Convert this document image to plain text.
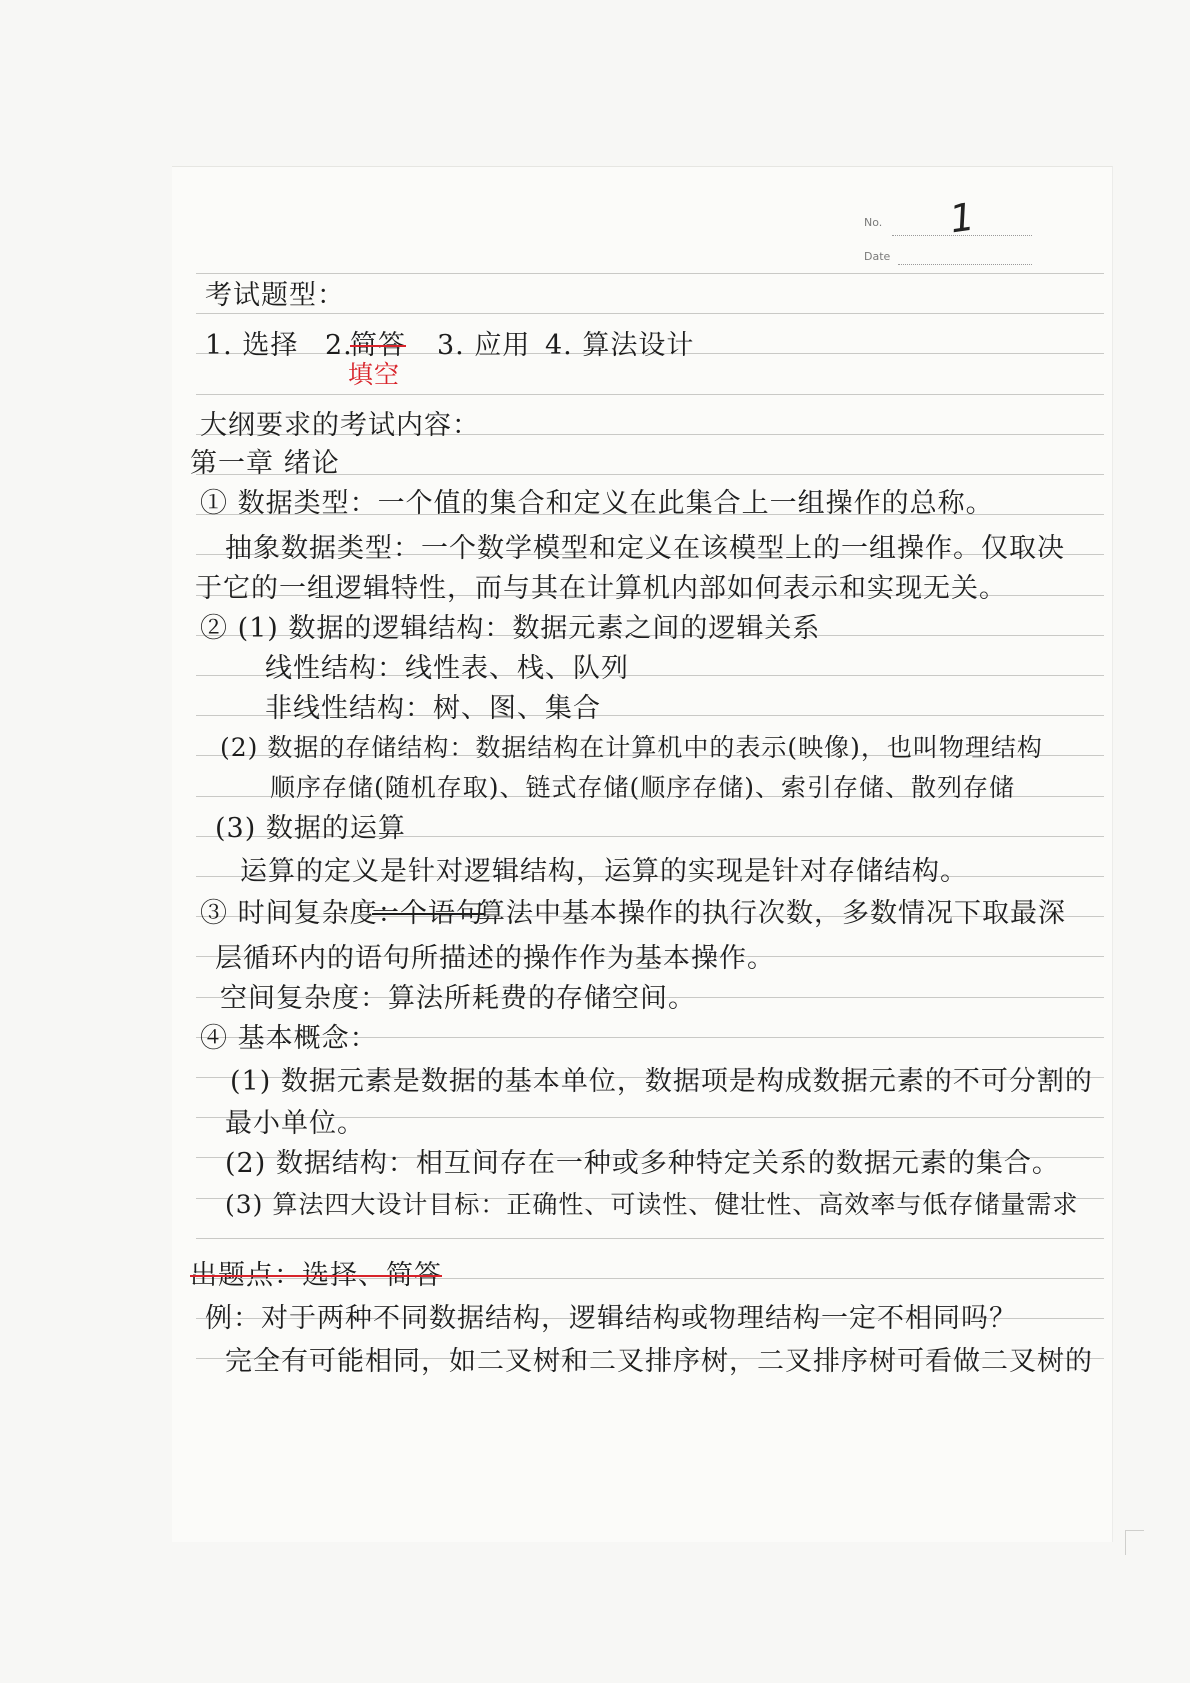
No. 1
Date
考试题型：
1. 选择 2.
简答 3. 应用 4. 算法设计
填空
大纲要求的考试内容：
第一章 绪论
① 数据类型：一个值的集合和定义在此集合上一组操作的总称。
抽象数据类型：一个数学模型和定义在该模型上的一组操作。仅取决
于它的一组逻辑特性，而与其在计算机内部如何表示和实现无关。
② (1) 数据的逻辑结构：数据元素之间的逻辑关系
线性结构：线性表、栈、队列
非线性结构：树、图、集合
(2) 数据的存储结构：数据结构在计算机中的表示(映像)，也叫物理结构
顺序存储(随机存取)、链式存储(顺序存储)、索引存储、散列存储
(3) 数据的运算
运算的定义是针对逻辑结构，运算的实现是针对存储结构。
③ 时间复杂度：
一个语句
算法中基本操作的执行次数，多数情况下取最深
层循环内的语句所描述的操作作为基本操作。
空间复杂度：算法所耗费的存储空间。
④ 基本概念：
(1) 数据元素是数据的基本单位，数据项是构成数据元素的不可分割的
最小单位。
(2) 数据结构：相互间存在一种或多种特定关系的数据元素的集合。
(3) 算法四大设计目标：正确性、可读性、健壮性、高效率与低存储量需求
出题点：选择、简答
例：对于两种不同数据结构，逻辑结构或物理结构一定不相同吗？
完全有可能相同，如二叉树和二叉排序树，二叉排序树可看做二叉树的
